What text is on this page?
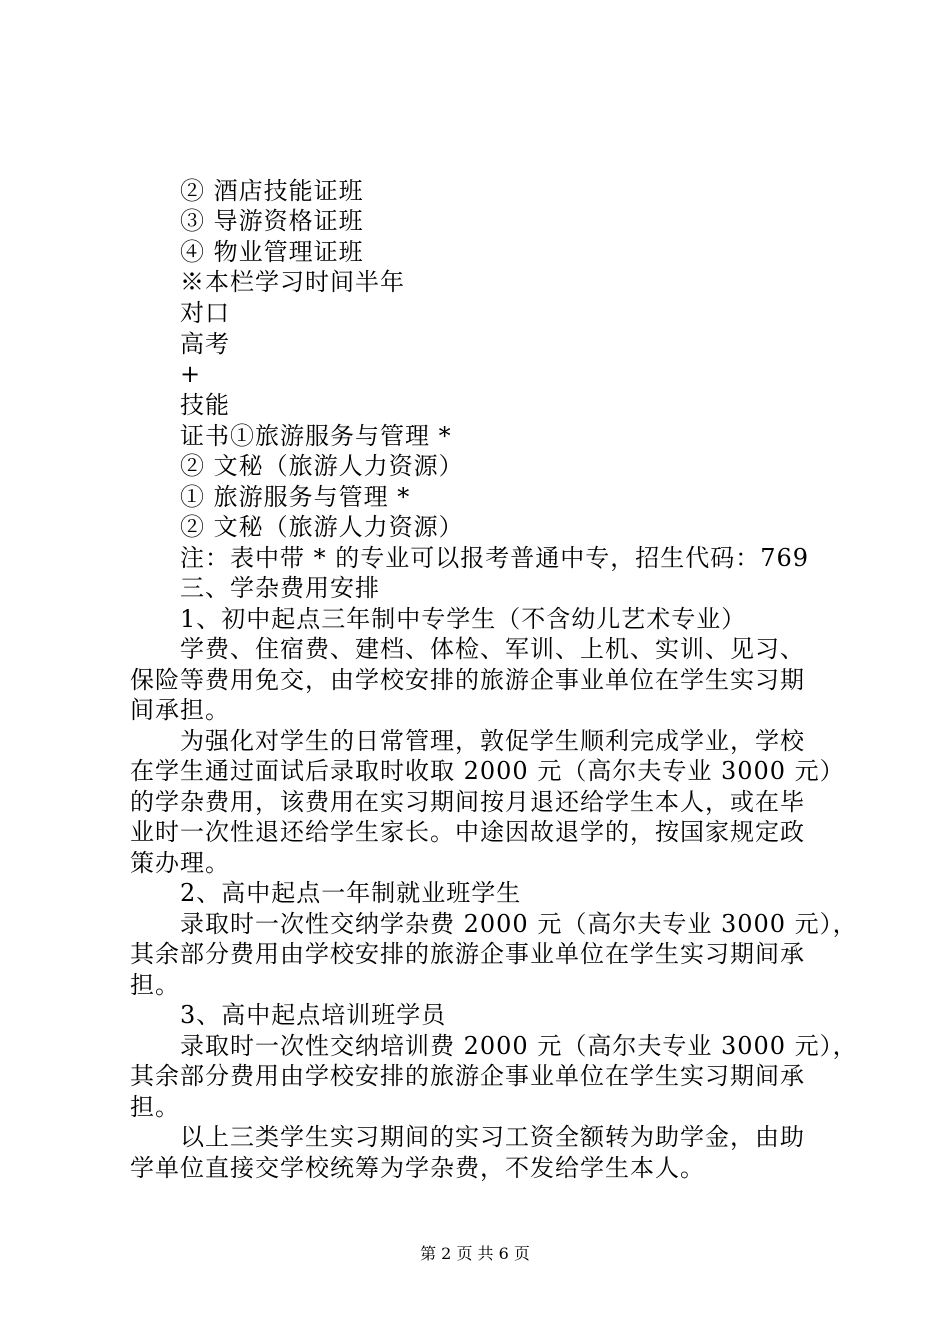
② 酒店技能证班
③ 导游资格证班
④ 物业管理证班
※本栏学习时间半年
对口
高考
+
技能
证书①旅游服务与管理 *
② 文秘（旅游人力资源）
① 旅游服务与管理 *
② 文秘（旅游人力资源）
注：表中带 * 的专业可以报考普通中专，招生代码：769
三、学杂费用安排
1、初中起点三年制中专学生（不含幼儿艺术专业）
学费、住宿费、建档、体检、军训、上机、实训、见习、
保险等费用免交，由学校安排的旅游企事业单位在学生实习期
间承担。
为强化对学生的日常管理，敦促学生顺利完成学业，学校
在学生通过面试后录取时收取 2000 元（高尔夫专业 3000 元）
的学杂费用，该费用在实习期间按月退还给学生本人，或在毕
业时一次性退还给学生家长。中途因故退学的，按国家规定政
策办理。
2、高中起点一年制就业班学生
录取时一次性交纳学杂费 2000 元（高尔夫专业 3000 元），
其余部分费用由学校安排的旅游企事业单位在学生实习期间承
担。
3、高中起点培训班学员
录取时一次性交纳培训费 2000 元（高尔夫专业 3000 元），
其余部分费用由学校安排的旅游企事业单位在学生实习期间承
担。
以上三类学生实习期间的实习工资全额转为助学金，由助
学单位直接交学校统筹为学杂费，不发给学生本人。
第 2 页 共 6 页
